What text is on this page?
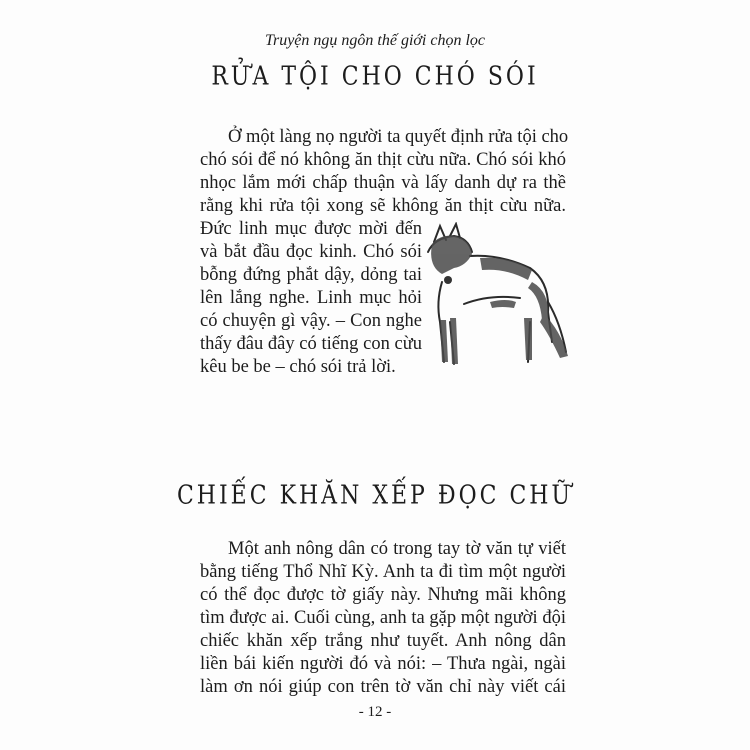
Truyện ngụ ngôn thế giới chọn lọc
RỬA TỘI CHO CHÓ SÓI
Ở một làng nọ người ta quyết định rửa tội cho
chó sói để nó không ăn thịt cừu nữa. Chó sói khó
nhọc lắm mới chấp thuận và lấy danh dự ra thề
rằng khi rửa tội xong sẽ không ăn thịt cừu nữa.
Đức linh mục được mời đến
và bắt đầu đọc kinh. Chó sói
bỗng đứng phắt dậy, dỏng tai
lên lắng nghe. Linh mục hỏi
có chuyện gì vậy. – Con nghe
thấy đâu đây có tiếng con cừu
kêu be be – chó sói trả lời.
CHIẾC KHĂN XẾP ĐỌC CHỮ
Một anh nông dân có trong tay tờ văn tự viết
bằng tiếng Thổ Nhĩ Kỳ. Anh ta đi tìm một người
có thể đọc được tờ giấy này. Nhưng mãi không
tìm được ai. Cuối cùng, anh ta gặp một người đội
chiếc khăn xếp trắng như tuyết. Anh nông dân
liền bái kiến người đó và nói: – Thưa ngài, ngài
làm ơn nói giúp con trên tờ văn chỉ này viết cái
- 12 -
